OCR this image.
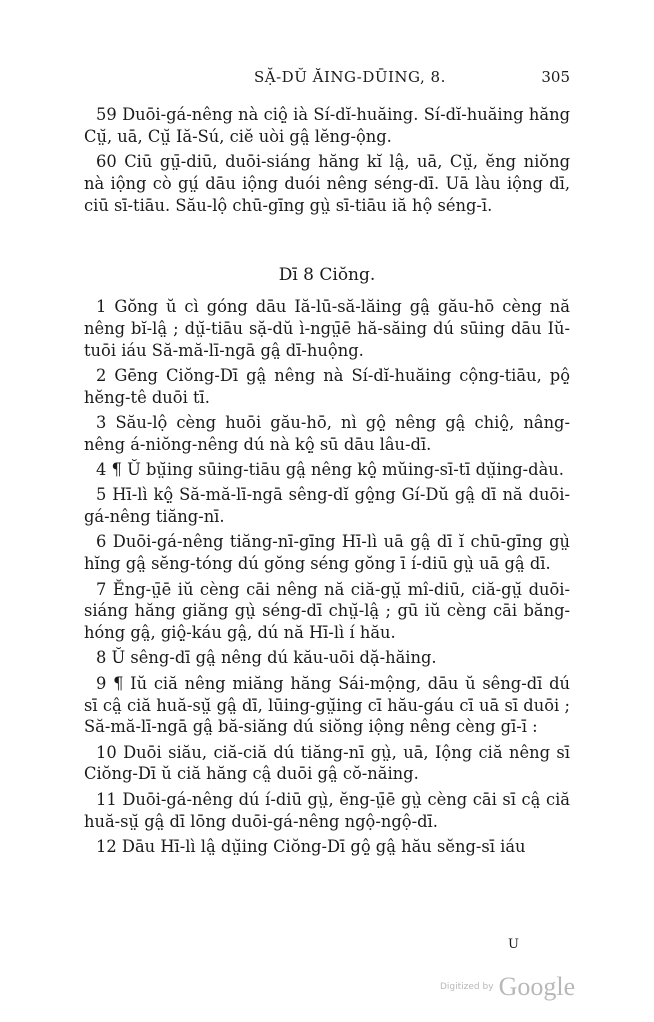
SẶ-DŬ ĂING-DŪING, 8.	305

59 Duōi-gá-nêng nà ciộ̤ ià Sí-dĭ-huăing. Sí-dĭ-huăing hăng Cṳ̆, uā, Cṳ̆ Iă-Sú, ciĕ uòi gâ̤ lĕng-ộng.

60 Ciū gṳ̄-diū, duōi-siáng hăng kĭ lâ̤, uā, Cṳ̆, ĕng niŏng nà iộng cò gṳ́ dāu iộng duói nêng séng-dī. Uā làu iộng dī, ciū sī-tiāu. Său-lộ chū-gīng gṳ̀ sī-tiāu iă hộ séng-ī.

Dī 8 Ciŏng.

1 Gŏng ŭ cì góng dāu Iă-lū-să-lăing gâ̤ gău-hō cèng nă nêng bĭ-lâ̤ ; dṳ̆-tiāu sặ-dŭ ì-ngṳ̄ē hă-săing dú sūing dāu Iŭ-tuōi iáu Să-mă-lī-ngā gâ̤ dī-huộng.

2 Gēng Ciŏng-Dī gâ̤ nêng nà Sí-dĭ-huăing cộng-tiāu, pộ̤ hĕng-tê duōi tī.

3 Său-lộ cèng huōi gău-hō, nì gộ̤ nêng gâ̤ chiộ̤, nâng-nêng á-niŏng-nêng dú nà kộ̤ sū dāu lâu-dī.

4 ¶ Ŭ bṳ̆ing sūing-tiāu gâ̤ nêng kộ̤ mŭing-sī-tī dṳ̆ing-dàu.

5 Hī-lì kộ̤ Să-mă-lī-ngā sêng-dĭ gộ̤ng Gí-Dŭ gâ̤ dī nă duōi-gá-nêng tiăng-nī.

6 Duōi-gá-nêng tiăng-nī-gīng Hī-lì uā gâ̤ dī ĭ chū-gīng gṳ̀ hĭng gâ̤ sĕng-tóng dú gŏng séng gŏng ī í-diū gṳ̀ uā gâ̤ dī.

7 Ĕng-ṳ̄ē iŭ cèng cāi nêng nă ciă-gṳ̆ mî-diū, ciă-gṳ̆ duōi-siáng hăng giăng gṳ̀ séng-dī chṳ̆-lâ̤ ; gū iŭ cèng cāi băng-hóng gâ̤, giộ̤-káu gâ̤, dú nă Hī-lì í hău.

8 Ŭ sêng-dī gâ̤ nêng dú kău-uōi dặ-hăing.

9 ¶ Iŭ ciă nêng miăng hăng Sái-mộng, dāu ŭ sêng-dī dú sī câ̤ ciă huă-sṳ̆ gâ̤ dī, lūing-gṳ̆ing cī hău-gáu cī uā sī duōi ; Să-mă-lī-ngā gâ̤ bă-siăng dú siŏng iộng nêng cèng gī-ī :

10 Duōi siău, ciă-ciă dú tiăng-nī gṳ̀, uā, Iộng ciă nêng sī Ciŏng-Dī ŭ ciă hăng câ̤ duōi gâ̤ cŏ-năing.

11 Duōi-gá-nêng dú í-diū gṳ̀, ĕng-ṳ̄ē gṳ̀ cèng cāi sī câ̤ ciă huă-sṳ̆ gâ̤ dī lōng duōi-gá-nêng ngộ-ngộ-dī.

12 Dāu Hī-lì lâ̤ dṳ̆ing Ciŏng-Dī gộ̤ gâ̤ hău sĕng-sī iáu

U
Digitized by Google
